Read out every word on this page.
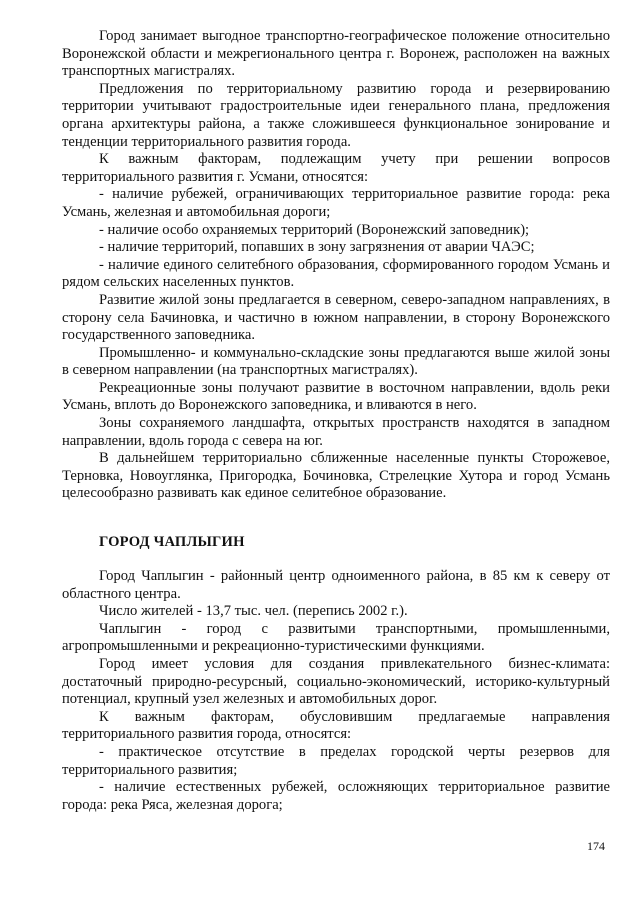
Город занимает выгодное транспортно-географическое положение относительно Воронежской области и межрегионального центра г. Воронеж, расположен на важных транспортных магистралях.

Предложения по территориальному развитию города и резервированию территории учитывают градостроительные идеи генерального плана, предложения органа архитектуры района, а также сложившееся функциональное зонирование и тенденции территориального развития города.

К важным факторам, подлежащим учету при решении вопросов территориального развития г. Усмани, относятся:

- наличие рубежей, ограничивающих территориальное развитие города: река Усмань, железная и автомобильная дороги;

- наличие особо охраняемых территорий (Воронежский заповедник);

- наличие территорий, попавших в зону загрязнения от аварии ЧАЭС;

- наличие единого селитебного образования, сформированного городом Усмань и рядом сельских населенных пунктов.

Развитие жилой зоны предлагается в северном, северо-западном направлениях, в сторону села Бачиновка, и частично в южном направлении, в сторону Воронежского государственного заповедника.

Промышленно- и коммунально-складские зоны предлагаются выше жилой зоны в северном направлении (на транспортных магистралях).

Рекреационные зоны получают развитие в восточном направлении, вдоль реки Усмань, вплоть до Воронежского заповедника, и вливаются в него.

Зоны сохраняемого ландшафта, открытых пространств находятся в западном направлении, вдоль города с севера на юг.

В дальнейшем территориально сближенные населенные пункты Сторожевое, Терновка, Новоуглянка, Пригородка, Бочиновка, Стрелецкие Хутора и город Усмань целесообразно развивать как единое селитебное образование.

ГОРОД ЧАПЛЫГИН

Город Чаплыгин - районный центр одноименного района, в 85 км к северу от областного центра.

Число жителей - 13,7 тыс. чел. (перепись 2002 г.).

Чаплыгин - город с развитыми транспортными, промышленными, агропромышленными и рекреационно-туристическими функциями.

Город имеет условия для создания привлекательного бизнес-климата: достаточный природно-ресурсный, социально-экономический, историко-культурный потенциал, крупный узел железных и автомобильных дорог.

К важным факторам, обусловившим предлагаемые направления территориального развития города, относятся:

- практическое отсутствие в пределах городской черты резервов для территориального развития;

- наличие естественных рубежей, осложняющих территориальное развитие города: река Ряса, железная дорога;

174
